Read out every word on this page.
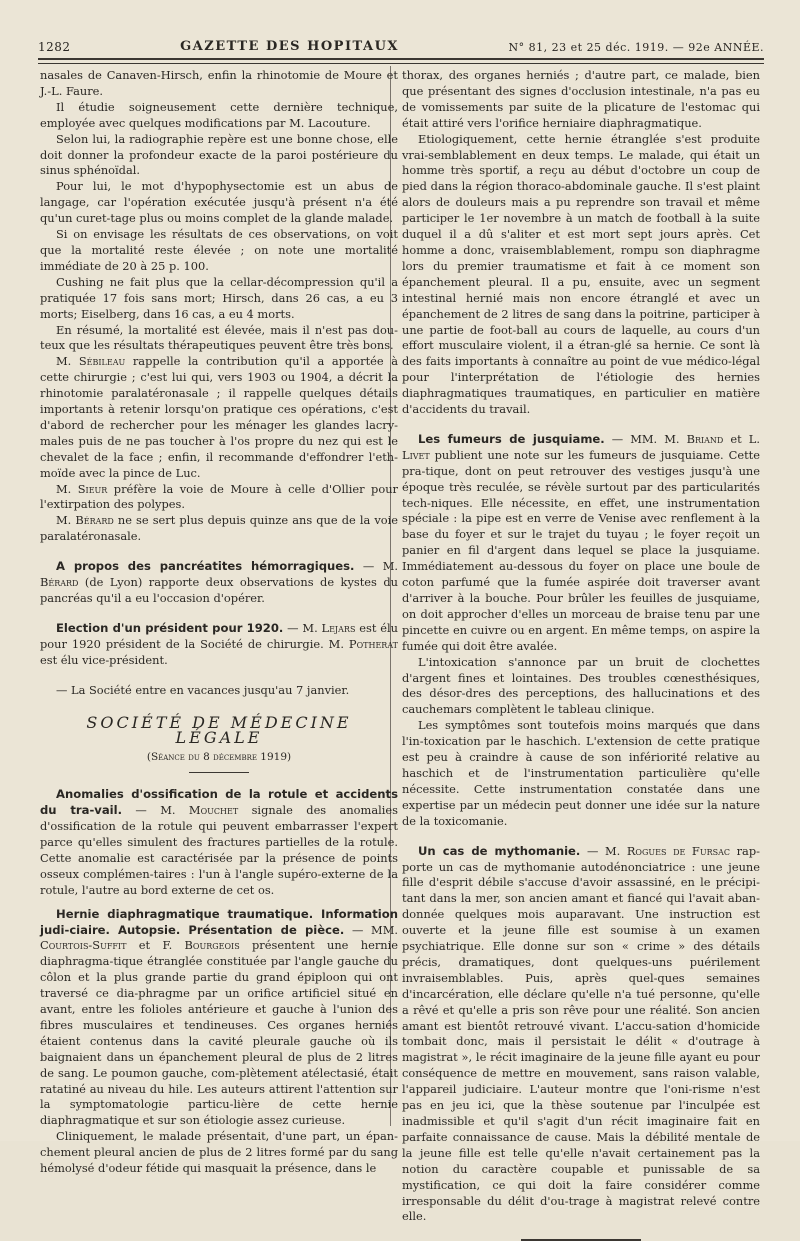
1282	GAZETTE DES HOPITAUX	N° 81, 23 et 25 déc. 1919. — 92e ANNÉE.

nasales de Canaven-Hirsch, enfin la rhinotomie de Moure et J.-L. Faure.

Il étudie soigneusement cette dernière technique, employée avec quelques modifications par M. Lacouture.

Selon lui, la radiographie repère est une bonne chose, elle doit donner la profondeur exacte de la paroi postérieure du sinus sphénoïdal.

Pour lui, le mot d'hypophysectomie est un abus de langage, car l'opération exécutée jusqu'à présent n'a été qu'un curet-tage plus ou moins complet de la glande malade.

Si on envisage les résultats de ces observations, on voit que la mortalité reste élevée ; on note une mortalité immédiate de 20 à 25 p. 100.

Cushing ne fait plus que la cellar-décompression qu'il a pratiquée 17 fois sans mort; Hirsch, dans 26 cas, a eu 3 morts; Eiselberg, dans 16 cas, a eu 4 morts.

En résumé, la mortalité est élevée, mais il n'est pas dou-teux que les résultats thérapeutiques peuvent être très bons.

M. Sébileau rappelle la contribution qu'il a apportée à cette chirurgie ; c'est lui qui, vers 1903 ou 1904, a décrit la rhinotomie paralatéronasale ; il rappelle quelques détails importants à retenir lorsqu'on pratique ces opérations, c'est d'abord de rechercher pour les ménager les glandes lacry-males puis de ne pas toucher à l'os propre du nez qui est le chevalet de la face ; enfin, il recommande d'effondrer l'eth-moïde avec la pince de Luc.

M. Sieur préfère la voie de Moure à celle d'Ollier pour l'extirpation des polypes.

M. Bérard ne se sert plus depuis quinze ans que de la voie paralatéronasale.

A propos des pancréatites hémorragiques. — M. Bérard (de Lyon) rapporte deux observations de kystes du pancréas qu'il a eu l'occasion d'opérer.

Election d'un président pour 1920. — M. Lejars est élu pour 1920 président de la Société de chirurgie. M. Potherat est élu vice-président.

— La Société entre en vacances jusqu'au 7 janvier.

SOCIÉTÉ DE MÉDECINE LÉGALE
(Séance du 8 décembre 1919)

Anomalies d'ossification de la rotule et accidents du tra-vail. — M. Mouchet signale des anomalies d'ossification de la rotule qui peuvent embarrasser l'expert parce qu'elles simulent des fractures partielles de la rotule. Cette anomalie est caractérisée par la présence de points osseux complémen-taires : l'un à l'angle supéro-externe de la rotule, l'autre au bord externe de cet os.

Hernie diaphragmatique traumatique. Information judi-ciaire. Autopsie. Présentation de pièce. — MM. Courtois-Suffit et F. Bourgeois présentent une hernie diaphragma-tique étranglée constituée par l'angle gauche du côlon et la plus grande partie du grand épiploon qui ont traversé ce dia-phragme par un orifice artificiel situé en avant, entre les folioles antérieure et gauche à l'union des fibres musculaires et tendineuses. Ces organes herniés étaient contenus dans la cavité pleurale gauche où ils baignaient dans un épanchement pleural de plus de 2 litres de sang. Le poumon gauche, com-plètement atélectasié, était ratatiné au niveau du hile. Les auteurs attirent l'attention sur la symptomatologie particu-lière de cette hernie diaphragmatique et sur son étiologie assez curieuse.

Cliniquement, le malade présentait, d'une part, un épan-chement pleural ancien de plus de 2 litres formé par du sang hémolysé d'odeur fétide qui masquait la présence, dans le

thorax, des organes herniés ; d'autre part, ce malade, bien que présentant des signes d'occlusion intestinale, n'a pas eu de vomissements par suite de la plicature de l'estomac qui était attiré vers l'orifice herniaire diaphragmatique.

Etiologiquement, cette hernie étranglée s'est produite vrai-semblablement en deux temps. Le malade, qui était un homme très sportif, a reçu au début d'octobre un coup de pied dans la région thoraco-abdominale gauche. Il s'est plaint alors de douleurs mais a pu reprendre son travail et même participer le 1er novembre à un match de football à la suite duquel il a dû s'aliter et est mort sept jours après. Cet homme a donc, vraisemblablement, rompu son diaphragme lors du premier traumatisme et fait à ce moment son épanchement pleural. Il a pu, ensuite, avec un segment intestinal hernié mais non encore étranglé et avec un épanchement de 2 litres de sang dans la poitrine, participer à une partie de foot-ball au cours de laquelle, au cours d'un effort musculaire violent, il a étran-glé sa hernie. Ce sont là des faits importants à connaître au point de vue médico-légal pour l'interprétation de l'étiologie des hernies diaphragmatiques traumatiques, en particulier en matière d'accidents du travail.

Les fumeurs de jusquiame. — MM. M. Briand et L. Livet publient une note sur les fumeurs de jusquiame. Cette pra-tique, dont on peut retrouver des vestiges jusqu'à une époque très reculée, se révèle surtout par des particularités tech-niques. Elle nécessite, en effet, une instrumentation spéciale : la pipe est en verre de Venise avec renflement à la base du foyer et sur le trajet du tuyau ; le foyer reçoit un panier en fil d'argent dans lequel se place la jusquiame. Immédiatement au-dessous du foyer on place une boule de coton parfumé que la fumée aspirée doit traverser avant d'arriver à la bouche. Pour brûler les feuilles de jusquiame, on doit approcher d'elles un morceau de braise tenu par une pincette en cuivre ou en argent. En même temps, on aspire la fumée qui doit être avalée.

L'intoxication s'annonce par un bruit de clochettes d'argent fines et lointaines. Des troubles cœnesthésiques, des désor-dres des perceptions, des hallucinations et des cauchemars complètent le tableau clinique.

Les symptômes sont toutefois moins marqués que dans l'in-toxication par le haschich. L'extension de cette pratique est peu à craindre à cause de son infériorité relative au haschich et de l'instrumentation particulière qu'elle nécessite. Cette instrumentation constatée dans une expertise par un médecin peut donner une idée sur la nature de la toxicomanie.

Un cas de mythomanie. — M. Rogues de Fursac rap-porte un cas de mythomanie autodénonciatrice : une jeune fille d'esprit débile s'accuse d'avoir assassiné, en le précipi-tant dans la mer, son ancien amant et fiancé qui l'avait aban-donnée quelques mois auparavant. Une instruction est ouverte et la jeune fille est soumise à un examen psychiatrique. Elle donne sur son « crime » des détails précis, dramatiques, dont quelques-uns puérilement invraisemblables. Puis, après quel-ques semaines d'incarcération, elle déclare qu'elle n'a tué personne, qu'elle a rêvé et qu'elle a pris son rêve pour une réalité. Son ancien amant est bientôt retrouvé vivant. L'accu-sation d'homicide tombait donc, mais il persistait le délit « d'outrage à magistrat », le récit imaginaire de la jeune fille ayant eu pour conséquence de mettre en mouvement, sans raison valable, l'appareil judiciaire. L'auteur montre que l'oni-risme n'est pas en jeu ici, que la thèse soutenue par l'inculpée est inadmissible et qu'il s'agit d'un récit imaginaire fait en parfaite connaissance de cause. Mais la débilité mentale de la jeune fille est telle qu'elle n'avait certainement pas la notion du caractère coupable et punissable de sa mystification, ce qui doit la faire considérer comme irresponsable du délit d'ou-trage à magistrat relevé contre elle.
